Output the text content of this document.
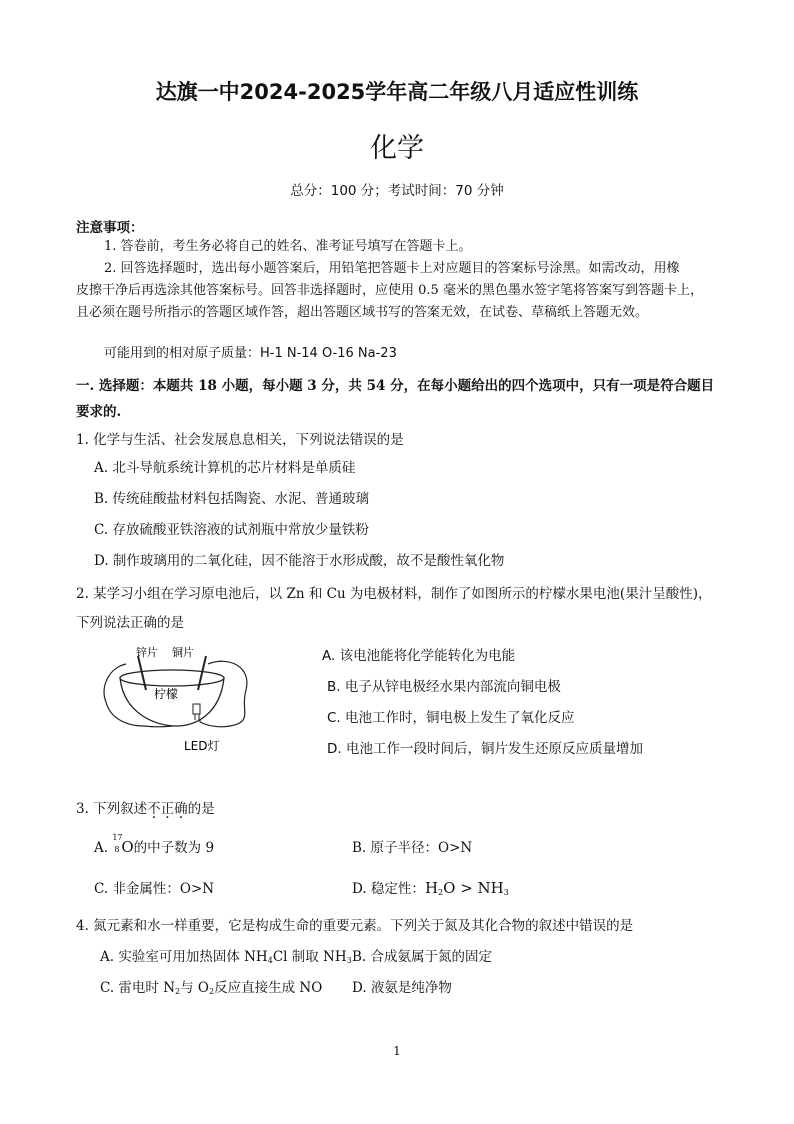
达旗一中2024-2025学年高二年级八月适应性训练
化学
总分：100 分；考试时间：70 分钟
注意事项：
1. 答卷前，考生务必将自己的姓名、准考证号填写在答题卡上。
2. 回答选择题时，选出每小题答案后，用铅笔把答题卡上对应题目的答案标号涂黑。如需改动，用橡
皮擦干净后再选涂其他答案标号。回答非选择题时，应使用 0.5 毫米的黑色墨水签字笔将答案写到答题卡上，
且必须在题号所指示的答题区域作答，超出答题区域书写的答案无效，在试卷、草稿纸上答题无效。
可能用到的相对原子质量：H-1 N-14 O-16 Na-23
一. 选择题：本题共 18 小题，每小题 3 分，共 54 分，在每小题给出的四个选项中，只有一项是符合题目
要求的.
1. 化学与生活、社会发展息息相关，下列说法错误的是
A. 北斗导航系统计算机的芯片材料是单质硅
B. 传统硅酸盐材料包括陶瓷、水泥、普通玻璃
C. 存放硫酸亚铁溶液的试剂瓶中常放少量铁粉
D. 制作玻璃用的二氧化硅，因不能溶于水形成酸，故不是酸性氧化物
2. 某学习小组在学习原电池后，以 Zn 和 Cu 为电极材料，制作了如图所示的柠檬水果电池(果汁呈酸性)，
下列说法正确的是
锌片 铜片
柠檬
LED灯
A. 该电池能将化学能转化为电能
B. 电子从锌电极经水果内部流向铜电极
C. 电池工作时，铜电极上发生了氧化反应
D. 电池工作一段时间后，铜片发生还原反应质量增加
3. 下列叙述不正确的是
A.
17
8 O的中子数为 9	B. 原子半径：O>N
C. 非金属性：O>N	D. 稳定性：$H_2O > NH_3$
4. 氮元素和水一样重要，它是构成生命的重要元素。下列关于氮及其化合物的叙述中错误的是
A. 实验室可用加热固体 $NH_4Cl$ 制取 $NH_3$ B. 合成氨属于氮的固定
C. 雷电时 $N_2$与 $O_2$反应直接生成 NO D. 液氨是纯净物
1
